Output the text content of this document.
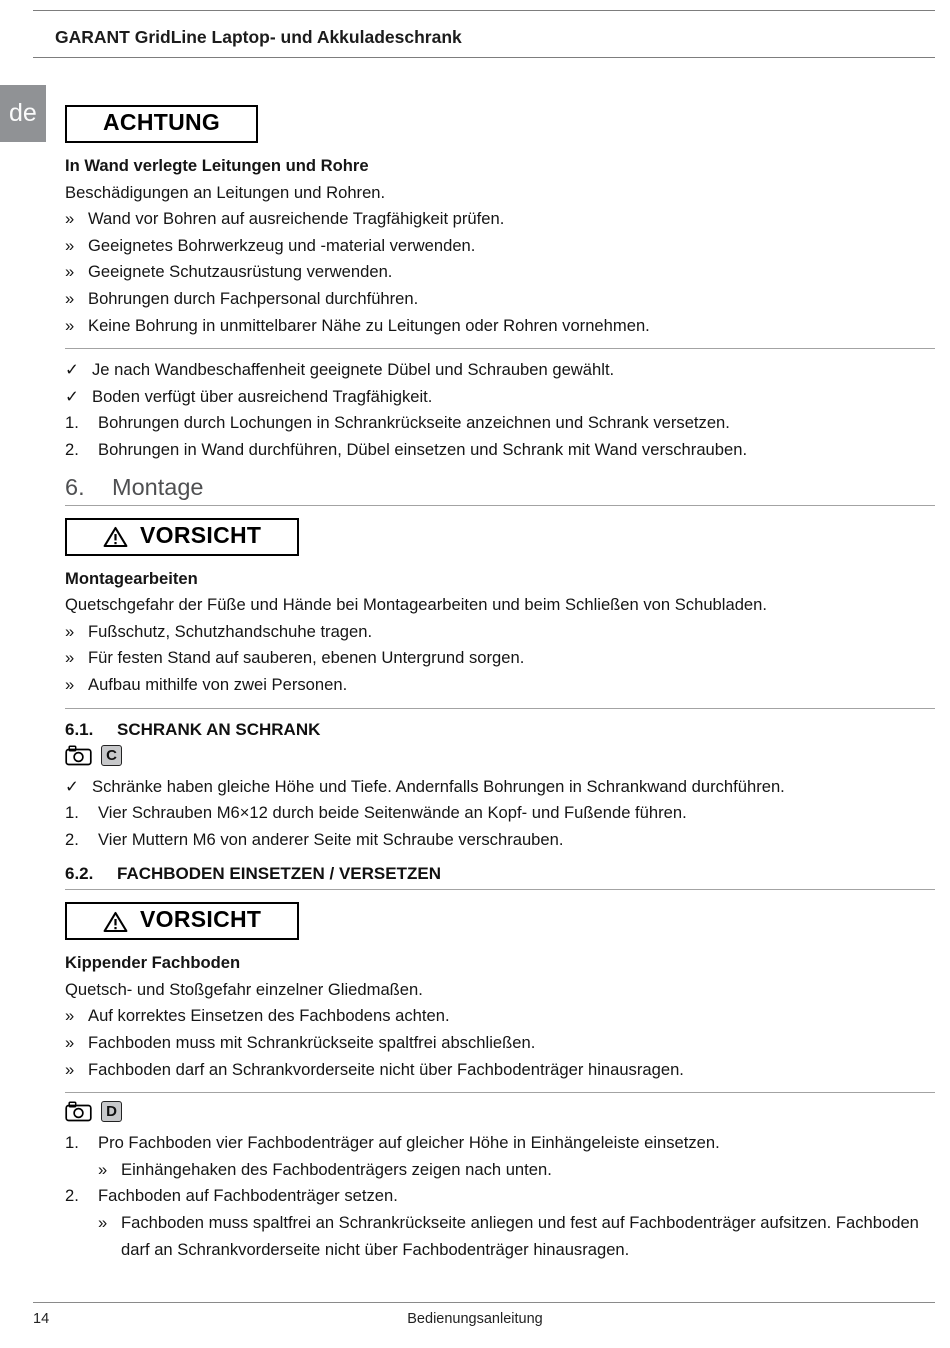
GARANT GridLine Laptop- und Akkuladeschrank
de	ACHTUNG

In Wand verlegte Leitungen und Rohre

Beschädigungen an Leitungen und Rohren.

» Wand vor Bohren auf ausreichende Tragfähigkeit prüfen.
» Geeignetes Bohrwerkzeug und -material verwenden.
» Geeignete Schutzausrüstung verwenden.
» Bohrungen durch Fachpersonal durchführen.
» Keine Bohrung in unmittelbarer Nähe zu Leitungen oder Rohren vornehmen.
✓ Je nach Wandbeschaffenheit geeignete Dübel und Schrauben gewählt.
✓ Boden verfügt über ausreichend Tragfähigkeit.
1.	Bohrungen durch Lochungen in Schrankrückseite anzeichnen und Schrank versetzen.
2.	Bohrungen in Wand durchführen, Dübel einsetzen und Schrank mit Wand verschrauben.
6.	Montage
VORSICHT

Montagearbeiten

Quetschgefahr der Füße und Hände bei Montagearbeiten und beim Schließen von Schubladen.

» Fußschutz, Schutzhandschuhe tragen.
» Für festen Stand auf sauberen, ebenen Untergrund sorgen.
» Aufbau mithilfe von zwei Personen.
6.1.	SCHRANK AN SCHRANK
C
✓ Schränke haben gleiche Höhe und Tiefe. Andernfalls Bohrungen in Schrankwand durchführen.
1.	Vier Schrauben M6×12 durch beide Seitenwände an Kopf- und Fußende führen.
2.	Vier Muttern M6 von anderer Seite mit Schraube verschrauben.
6.2.	FACHBODEN EINSETZEN / VERSETZEN
VORSICHT

Kippender Fachboden

Quetsch- und Stoßgefahr einzelner Gliedmaßen.

» Auf korrektes Einsetzen des Fachbodens achten.
» Fachboden muss mit Schrankrückseite spaltfrei abschließen.
» Fachboden darf an Schrankvorderseite nicht über Fachbodenträger hinausragen.
D
1.	Pro Fachboden vier Fachbodenträger auf gleicher Höhe in Einhängeleiste einsetzen.
» Einhängehaken des Fachbodenträgers zeigen nach unten.
2.	Fachboden auf Fachbodenträger setzen.
» Fachboden muss spaltfrei an Schrankrückseite anliegen und fest auf Fachbodenträger aufsitzen. Fachboden darf an Schrankvorderseite nicht über Fachbodenträger hinausragen.
14	Bedienungsanleitung
